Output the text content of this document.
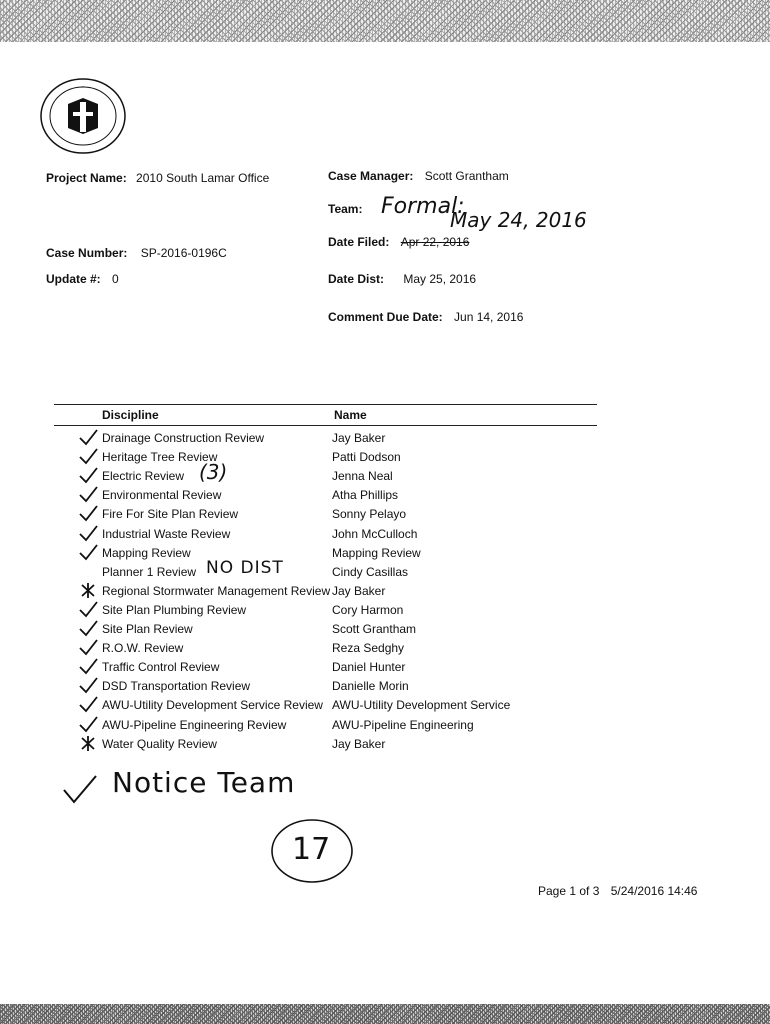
·
Project Name: 2010 South Lamar Office
Case Number: SP-2016-0196C
Update #: 0
Case Manager: Scott Grantham
Team: Formal:
May 24, 2016
Date Filed: Apr 22, 2016
Date Dist: May 25, 2016
Comment Due Date: Jun 14, 2016
Discipline	Name
Drainage Construction Review	Jay Baker
Heritage Tree Review	Patti Dodson
Electric Review	Jenna Neal
Environmental Review	Atha Phillips
Fire For Site Plan Review	Sonny Pelayo
Industrial Waste Review	John McCulloch
Mapping Review	Mapping Review
Planner 1 Review	Cindy Casillas
Regional Stormwater Management Review Jay Baker
Site Plan Plumbing Review	Cory Harmon
Site Plan Review	Scott Grantham
R.O.W. Review	Reza Sedghy
Traffic Control Review	Daniel Hunter
DSD Transportation Review	Danielle Morin
AWU-Utility Development Service Review AWU-Utility Development Service
AWU-Pipeline Engineering Review	AWU-Pipeline Engineering
Water Quality Review	Jay Baker
(3)
NO DIST
Notice Team
17
Page 1 of 3 5/24/2016 14:46
